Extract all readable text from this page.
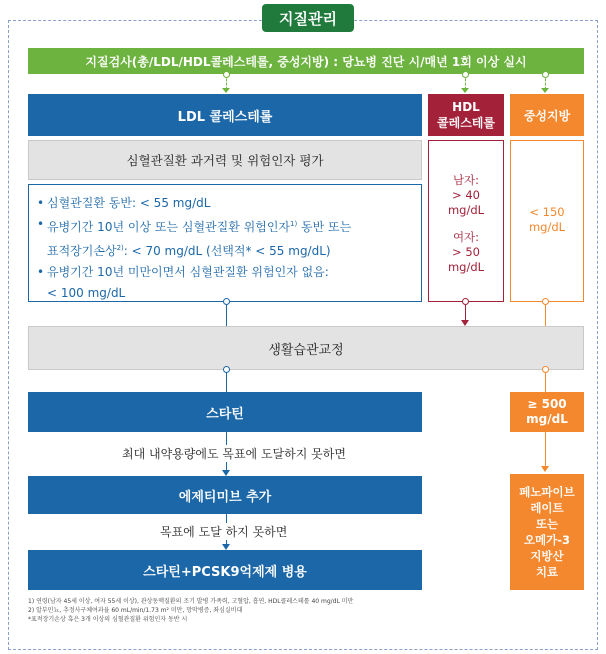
지질관리
지질검사(총/LDL/HDL콜레스테롤, 중성지방) : 당뇨병 진단 시/매년 1회 이상 실시
LDL 콜레스테롤
HDL
콜레스테롤
중성지방
심혈관질환 과거력 및 위험인자 평가
• 심혈관질환 동반: < 55 mg/dL
• 유병기간 10년 이상 또는 심혈관질환 위험인자$^{1)}$ 동반 또는
표적장기손상$^{2)}$: < 70 mg/dL (선택적* < 55 mg/dL)
• 유병기간 10년 미만이면서 심혈관질환 위험인자 없음:
< 100 mg/dL
남자:
> 40
mg/dL
여자:
> 50
mg/dL
< 150
mg/dL
생활습관교정
스타틴
최대 내약용량에도 목표에 도달하지 못하면
에제티미브 추가
목표에 도달 하지 못하면
스타틴+PCSK9억제제 병용
≥ 500
mg/dL
페노파이브
레이트
또는
오메가-3
지방산
치료
1) 연령(남자 45세 이상, 여자 55세 이상), 관상동맥질환의 조기 발병 가족력, 고혈압, 흡연, HDL콜레스테롤 40 mg/dL 미만
2) 알부민뇨, 추정사구체여과율 60 mL/min/1.73 m² 미만, 망막병증, 좌심실비대
*표적장기손상 혹은 3개 이상의 심혈관질환 위험인자 동반 시
